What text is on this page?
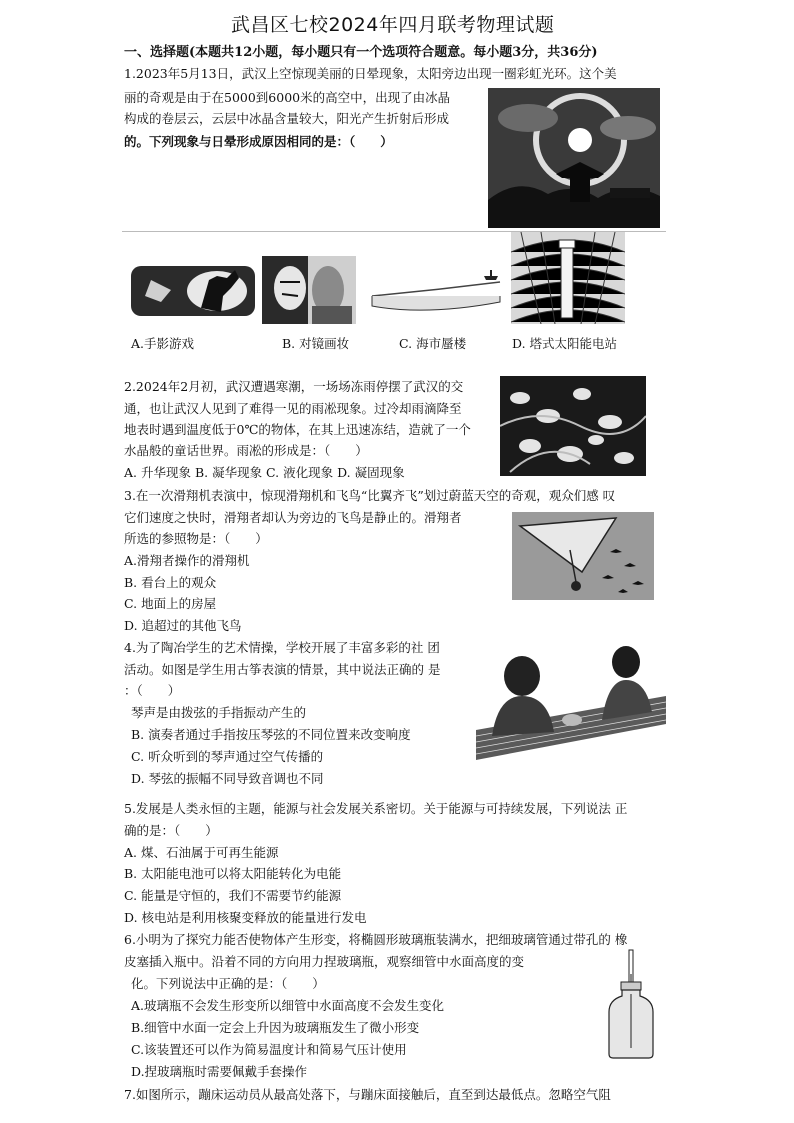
武昌区七校2024年四月联考物理试题
一、选择题(本题共12小题，每小题只有一个选项符合题意。每小题3分，共36分)
1.2023年5月13日，武汉上空惊现美丽的日晕现象，太阳旁边出现一圈彩虹光环。这个美
丽的奇观是由于在5000到6000米的高空中，出现了由冰晶
构成的卷层云，云层中冰晶含量较大，阳光产生折射后形成
的。下列现象与日晕形成原因相同的是：（　　）
A.手影游戏	B. 对镜画妆	C. 海市蜃楼	D. 塔式太阳能电站
2.2024年2月初，武汉遭遇寒潮，一场场冻雨停摆了武汉的交
通，也让武汉人见到了难得一见的雨凇现象。过冷却雨滴降至
地表时遇到温度低于0℃的物体，在其上迅速冻结，造就了一个
水晶般的童话世界。雨凇的形成是：（　　）
A. 升华现象 B. 凝华现象 C. 液化现象 D. 凝固现象
3.在一次滑翔机表演中，惊现滑翔机和飞鸟“比翼齐飞”划过蔚蓝天空的奇观，观众们感 叹
它们速度之快时，滑翔者却认为旁边的飞鸟是静止的。滑翔者
所选的参照物是：（　　）
A.滑翔者操作的滑翔机
B. 看台上的观众
C. 地面上的房屋
D. 追超过的其他飞鸟
4.为了陶冶学生的艺术情操，学校开展了丰富多彩的社 团
活动。如图是学生用古筝表演的情景，其中说法正确的 是
：（　　）
琴声是由拨弦的手指振动产生的
B. 演奏者通过手指按压琴弦的不同位置来改变响度
C. 听众听到的琴声通过空气传播的
D. 琴弦的振幅不同导致音调也不同
5.发展是人类永恒的主题，能源与社会发展关系密切。关于能源与可持续发展，下列说法 正
确的是：（　　）
A. 煤、石油属于可再生能源
B. 太阳能电池可以将太阳能转化为电能
C. 能量是守恒的，我们不需要节约能源
D. 核电站是利用核聚变释放的能量进行发电
6.小明为了探究力能否使物体产生形变，将椭圆形玻璃瓶装满水，把细玻璃管通过带孔的 橡
皮塞插入瓶中。沿着不同的方向用力捏玻璃瓶，观察细管中水面高度的变
化。下列说法中正确的是：（　　）
A.玻璃瓶不会发生形变所以细管中水面高度不会发生变化
B.细管中水面一定会上升因为玻璃瓶发生了微小形变
C.该装置还可以作为简易温度计和简易气压计使用
D.捏玻璃瓶时需要佩戴手套操作
7.如图所示，蹦床运动员从最高处落下，与蹦床面接触后，直至到达最低点。忽略空气阻
